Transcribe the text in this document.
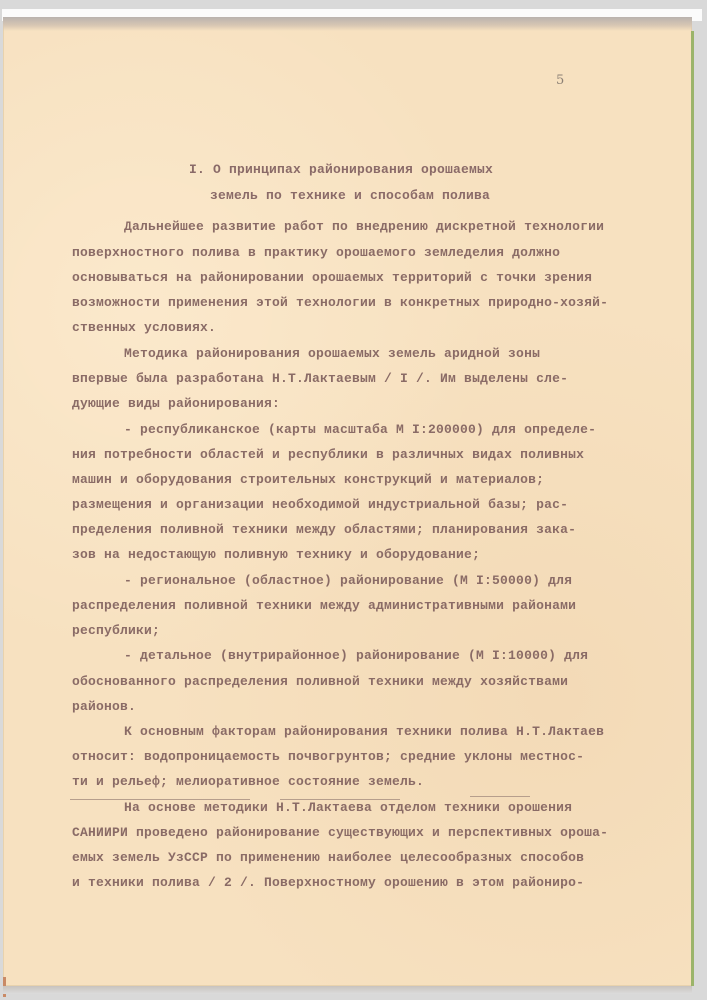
5
I. О принципах районирования орошаемых
земель по технике и способам полива
Дальнейшее развитие работ по внедрению дискретной технологии
поверхностного полива в практику орошаемого земледелия должно
основываться на районировании орошаемых территорий с точки зрения
возможности применения этой технологии в конкретных природно-хозяй-
ственных условиях.
Методика районирования орошаемых земель аридной зоны
впервые была разработана Н.Т.Лактаевым / I /. Им выделены сле-
дующие виды районирования:
- республиканское (карты масштаба М I:200000) для определе-
ния потребности областей и республики в различных видах поливных
машин и оборудования строительных конструкций и материалов;
размещения и организации необходимой индустриальной базы; рас-
пределения поливной техники между областями; планирования зака-
зов на недостающую поливную технику и оборудование;
- региональное (областное) районирование (М I:50000) для
распределения поливной техники между административными районами
республики;
- детальное (внутрирайонное) районирование (М I:10000) для
обоснованного распределения поливной техники между хозяйствами
районов.
К основным факторам районирования техники полива Н.Т.Лактаев
относит: водопроницаемость почвогрунтов; средние уклоны местнос-
ти и рельеф; мелиоративное состояние земель.
На основе методики Н.Т.Лактаева отделом техники орошения
САНИИРИ проведено районирование существующих и перспективных ороша-
емых земель УзССР по применению наиболее целесообразных способов
и техники полива / 2 /. Поверхностному орошению в этом райониро-
